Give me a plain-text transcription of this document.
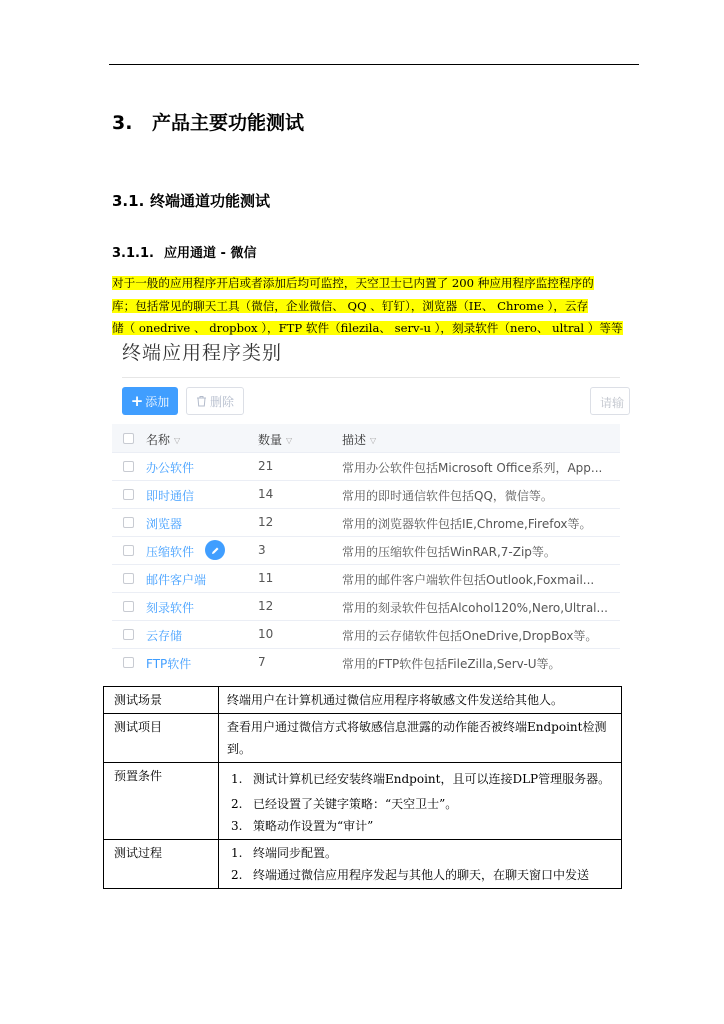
3. 产品主要功能测试
3.1. 终端通道功能测试
3.1.1. 应用通道 - 微信
对于一般的应用程序开启或者添加后均可监控，天空卫士已内置了 200 种应用程序监控程序的
库；包括常见的聊天工具（微信，企业微信、 QQ 、钉钉），浏览器（IE、 Chrome ），云存
储（ onedrive 、 dropbox ），FTP 软件（filezila、 serv-u ），刻录软件（nero、 ultral ）等等
终端应用程序类别
+ 添加	删除	请输
名称 ▽	数量 ▽	描述 ▽
办公软件	21	常用办公软件包括Microsoft Office系列，App...
即时通信	14	常用的即时通信软件包括QQ，微信等。
浏览器	12	常用的浏览器软件包括IE,Chrome,Firefox等。
压缩软件	3	常用的压缩软件包括WinRAR,7-Zip等。
邮件客户端	11	常用的邮件客户端软件包括Outlook,Foxmail...
刻录软件	12	常用的刻录软件包括Alcohol120%,Nero,Ultral...
云存储	10	常用的云存储软件包括OneDrive,DropBox等。
FTP软件	7	常用的FTP软件包括FileZilla,Serv-U等。
测试场景	终端用户在计算机通过微信应用程序将敏感文件发送给其他人。
测试项目	查看用户通过微信方式将敏感信息泄露的动作能否被终端Endpoint检测到。
预置条件	1. 测试计算机已经安装终端Endpoint，且可以连接DLP管理服务器。
2. 已经设置了关键字策略：“天空卫士”。
3. 策略动作设置为“审计”

测试过程	1. 终端同步配置。
2. 终端通过微信应用程序发起与其他人的聊天，在聊天窗口中发送
